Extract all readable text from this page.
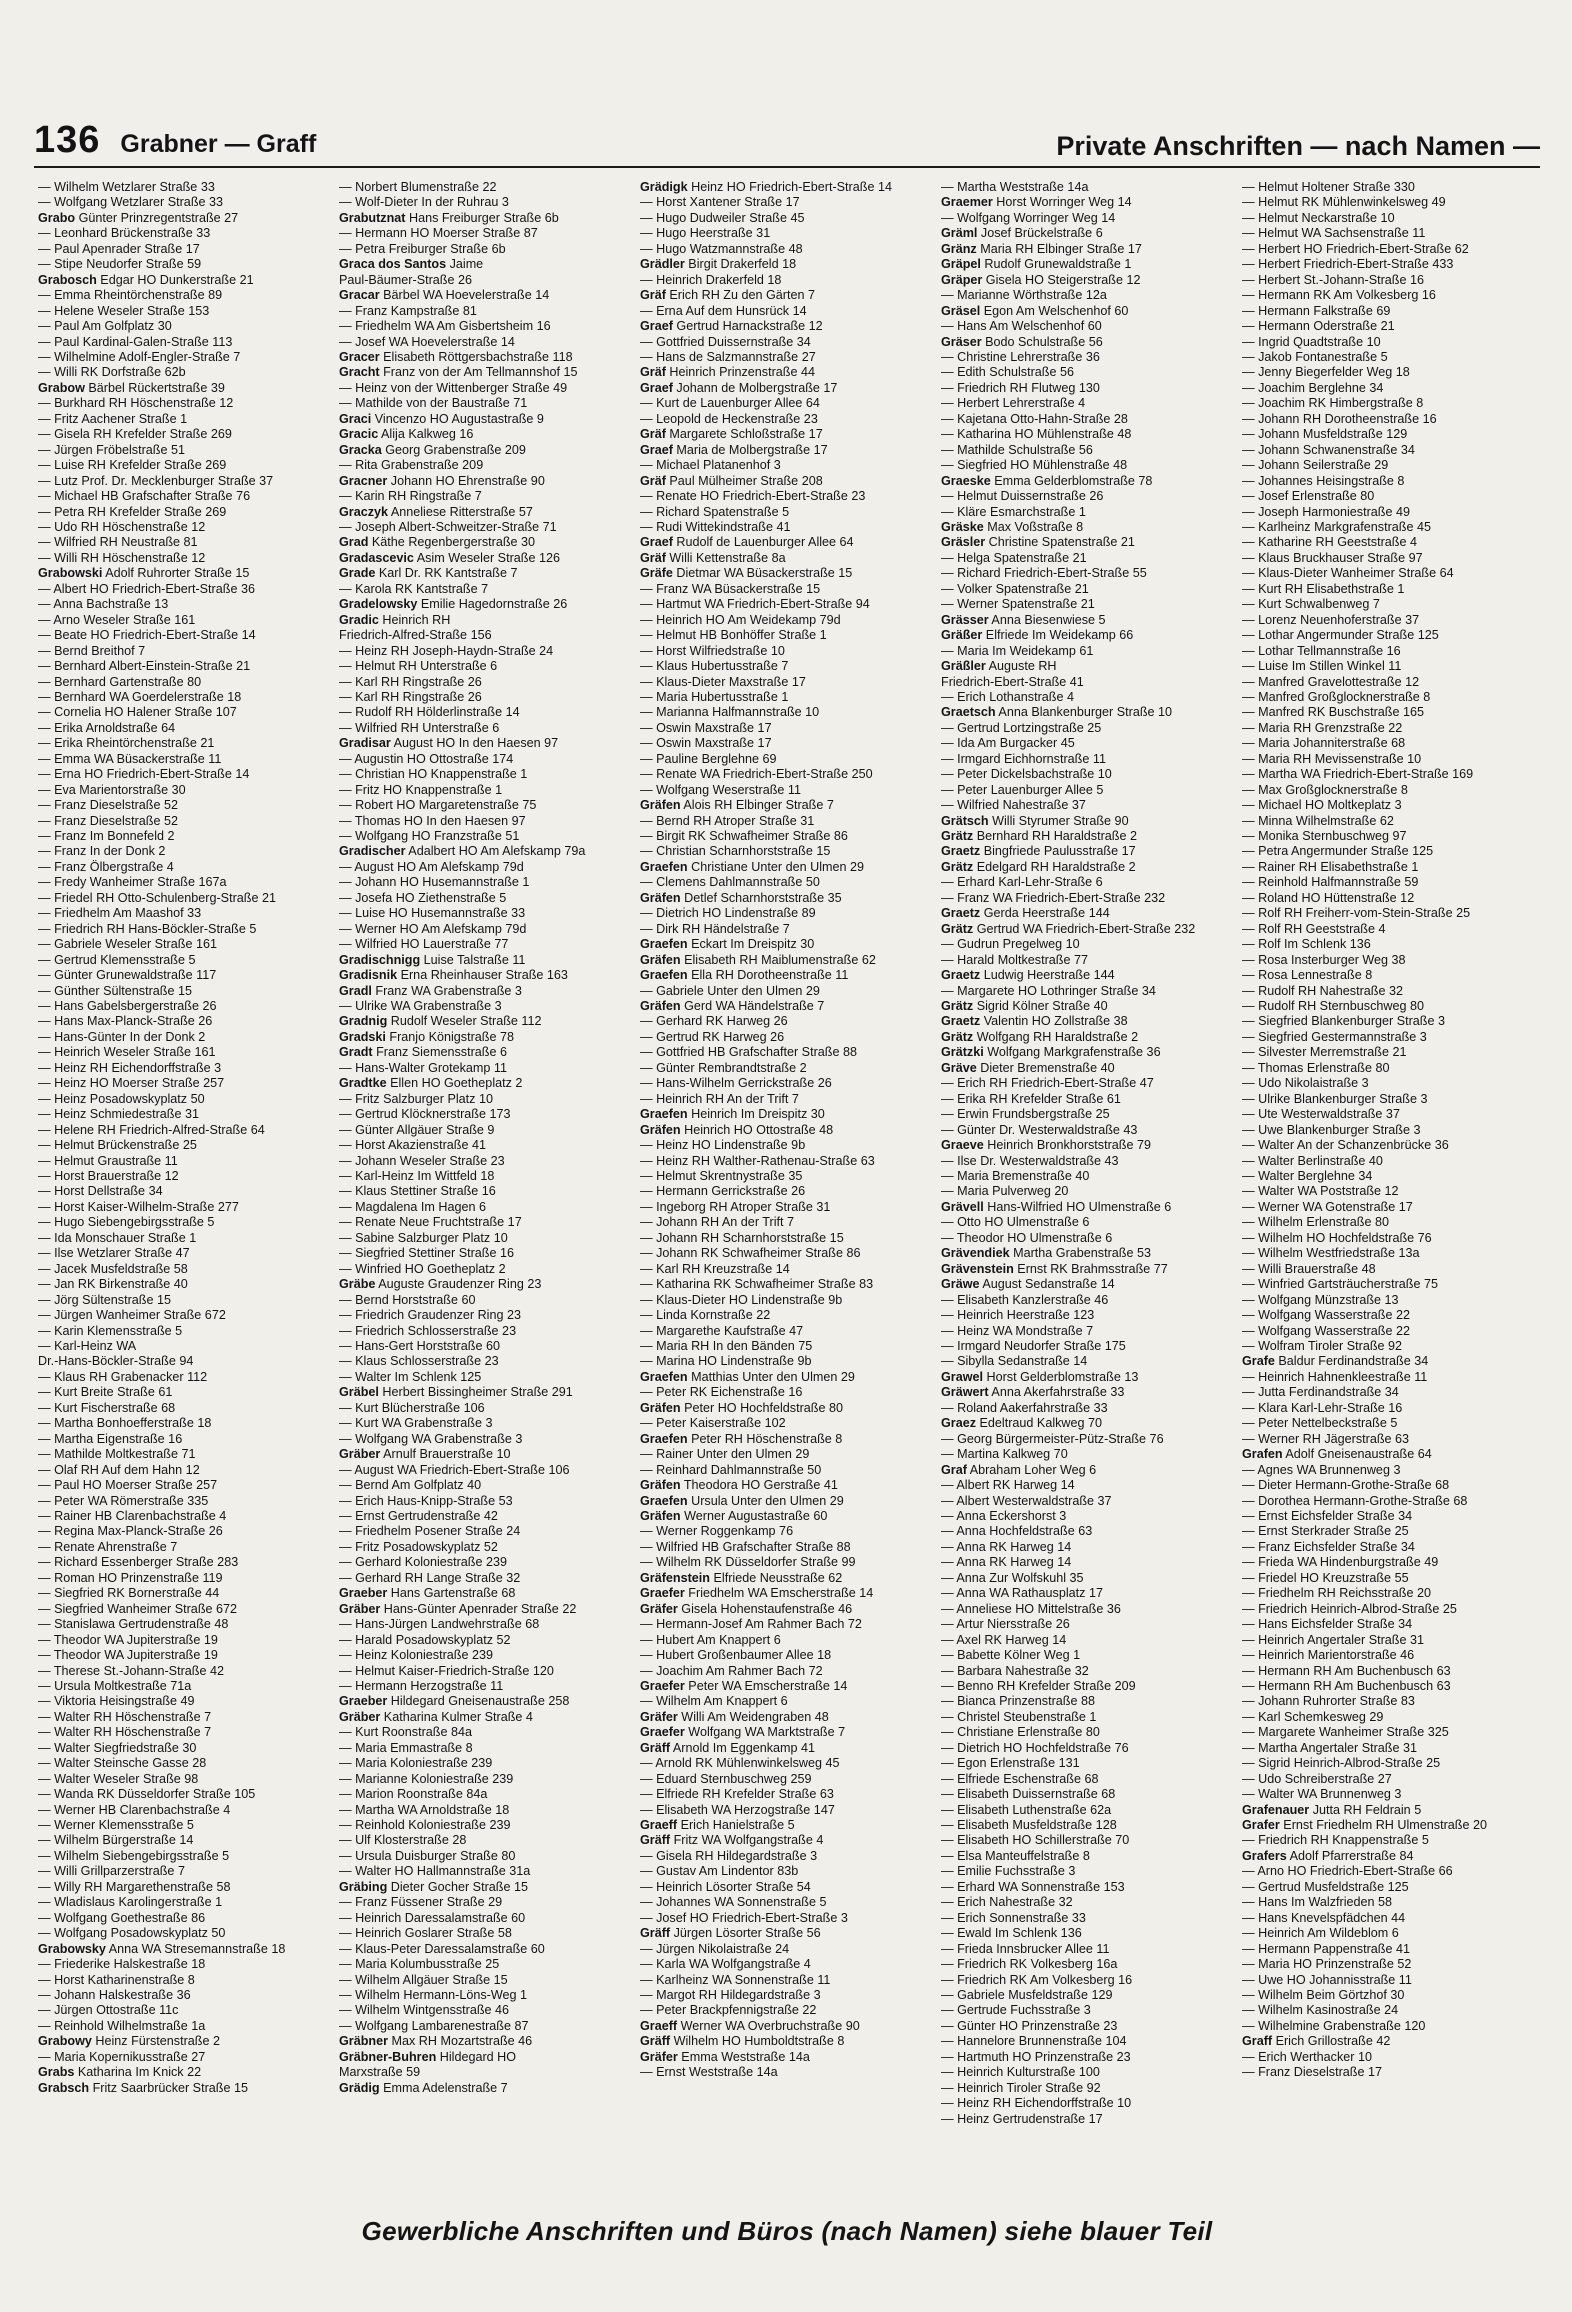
136 Grabner — Graff	Private Anschriften — nach Namen —
— Wilhelm Wetzlarer Straße 33
— Wolfgang Wetzlarer Straße 33
Grabo Günter Prinzregentstraße 27
— Leonhard Brückenstraße 33
— Paul Apenrader Straße 17
— Stipe Neudorfer Straße 59
Grabosch Edgar HO Dunkerstraße 21
— Emma Rheintörchenstraße 89
— Helene Weseler Straße 153
— Paul Am Golfplatz 30
— Paul Kardinal-Galen-Straße 113
— Wilhelmine Adolf-Engler-Straße 7
— Willi RK Dorfstraße 62b
Grabow Bärbel Rückertstraße 39
— Burkhard RH Höschenstraße 12
— Fritz Aachener Straße 1
— Gisela RH Krefelder Straße 269
— Jürgen Fröbelstraße 51
— Luise RH Krefelder Straße 269
— Lutz Prof. Dr. Mecklenburger Straße 37
— Michael HB Grafschafter Straße 76
— Petra RH Krefelder Straße 269
— Udo RH Höschenstraße 12
— Wilfried RH Neustraße 81
— Willi RH Höschenstraße 12
Grabowski Adolf Ruhrorter Straße 15
— Albert HO Friedrich-Ebert-Straße 36
— Anna Bachstraße 13
— Arno Weseler Straße 161
— Beate HO Friedrich-Ebert-Straße 14
— Bernd Breithof 7
— Bernhard Albert-Einstein-Straße 21
— Bernhard Gartenstraße 80
— Bernhard WA Goerdelerstraße 18
— Cornelia HO Halener Straße 107
— Erika Arnoldstraße 64
— Erika Rheintörchenstraße 21
— Emma WA Büsackerstraße 11
— Erna HO Friedrich-Ebert-Straße 14
— Eva Marientorstraße 30
— Franz Dieselstraße 52
— Franz Dieselstraße 52
— Franz Im Bonnefeld 2
— Franz In der Donk 2
— Franz Ölbergstraße 4
— Fredy Wanheimer Straße 167a
— Friedel RH Otto-Schulenberg-Straße 21
— Friedhelm Am Maashof 33
— Friedrich RH Hans-Böckler-Straße 5
— Gabriele Weseler Straße 161
— Gertrud Klemensstraße 5
— Günter Grunewaldstraße 117
— Günther Sültenstraße 15
— Hans Gabelsbergerstraße 26
— Hans Max-Planck-Straße 26
— Hans-Günter In der Donk 2
— Heinrich Weseler Straße 161
— Heinz RH Eichendorffstraße 3
— Heinz HO Moerser Straße 257
— Heinz Posadowskyplatz 50
— Heinz Schmiedestraße 31
— Helene RH Friedrich-Alfred-Straße 64
— Helmut Brückenstraße 25
— Helmut Graustraße 11
— Horst Brauerstraße 12
— Horst Dellstraße 34
— Horst Kaiser-Wilhelm-Straße 277
— Hugo Siebengebirgsstraße 5
— Ida Monschauer Straße 1
— Ilse Wetzlarer Straße 47
— Jacek Musfeldstraße 58
— Jan RK Birkenstraße 40
— Jörg Sültenstraße 15
— Jürgen Wanheimer Straße 672
— Karin Klemensstraße 5
— Karl-Heinz WA
Dr.-Hans-Böckler-Straße 94
— Klaus RH Grabenacker 112
— Kurt Breite Straße 61
— Kurt Fischerstraße 68
— Martha Bonhoefferstraße 18
— Martha Eigenstraße 16
— Mathilde Moltkestraße 71
— Olaf RH Auf dem Hahn 12
— Paul HO Moerser Straße 257
— Peter WA Römerstraße 335
— Rainer HB Clarenbachstraße 4
— Regina Max-Planck-Straße 26
— Renate Ahrenstraße 7
— Richard Essenberger Straße 283
— Roman HO Prinzenstraße 119
— Siegfried RK Bornerstraße 44
— Siegfried Wanheimer Straße 672
— Stanislawa Gertrudenstraße 48
— Theodor WA Jupiterstraße 19
— Theodor WA Jupiterstraße 19
— Therese St.-Johann-Straße 42
— Ursula Moltkestraße 71a
— Viktoria Heisingstraße 49
— Walter RH Höschenstraße 7
— Walter RH Höschenstraße 7
— Walter Siegfriedstraße 30
— Walter Steinsche Gasse 28
— Walter Weseler Straße 98
— Wanda RK Düsseldorfer Straße 105
— Werner HB Clarenbachstraße 4
— Werner Klemensstraße 5
— Wilhelm Bürgerstraße 14
— Wilhelm Siebengebirgsstraße 5
— Willi Grillparzerstraße 7
— Willy RH Margarethenstraße 58
— Wladislaus Karolingerstraße 1
— Wolfgang Goethestraße 86
— Wolfgang Posadowskyplatz 50
Grabowsky Anna WA Stresemannstraße 18
— Friederike Halskestraße 18
— Horst Katharinenstraße 8
— Johann Halskestraße 36
— Jürgen Ottostraße 11c
— Reinhold Wilhelmstraße 1a
Grabowy Heinz Fürstenstraße 2
— Maria Kopernikusstraße 27
Grabs Katharina Im Knick 22
Grabsch Fritz Saarbrücker Straße 15
— Norbert Blumenstraße 22
— Wolf-Dieter In der Ruhrau 3
Grabutznat Hans Freiburger Straße 6b
— Hermann HO Moerser Straße 87
— Petra Freiburger Straße 6b
Graca dos Santos Jaime
Paul-Bäumer-Straße 26
Gracar Bärbel WA Hoevelerstraße 14
— Franz Kampstraße 81
— Friedhelm WA Am Gisbertsheim 16
— Josef WA Hoevelerstraße 14
Gracer Elisabeth Röttgersbachstraße 118
Gracht Franz von der Am Tellmannshof 15
— Heinz von der Wittenberger Straße 49
— Mathilde von der Baustraße 71
Graci Vincenzo HO Augustastraße 9
Gracic Alija Kalkweg 16
Gracka Georg Grabenstraße 209
— Rita Grabenstraße 209
Gracner Johann HO Ehrenstraße 90
— Karin RH Ringstraße 7
Graczyk Anneliese Ritterstraße 57
— Joseph Albert-Schweitzer-Straße 71
Grad Käthe Regenbergerstraße 30
Gradascevic Asim Weseler Straße 126
Grade Karl Dr. RK Kantstraße 7
— Karola RK Kantstraße 7
Gradelowsky Emilie Hagedornstraße 26
Gradic Heinrich RH
Friedrich-Alfred-Straße 156
— Heinz RH Joseph-Haydn-Straße 24
— Helmut RH Unterstraße 6
— Karl RH Ringstraße 26
— Karl RH Ringstraße 26
— Rudolf RH Hölderlinstraße 14
— Wilfried RH Unterstraße 6
Gradisar August HO In den Haesen 97
— Augustin HO Ottostraße 174
— Christian HO Knappenstraße 1
— Fritz HO Knappenstraße 1
— Robert HO Margaretenstraße 75
— Thomas HO In den Haesen 97
— Wolfgang HO Franzstraße 51
Gradischer Adalbert HO Am Alefskamp 79a
— August HO Am Alefskamp 79d
— Johann HO Husemannstraße 1
— Josefa HO Ziethenstraße 5
— Luise HO Husemannstraße 33
— Werner HO Am Alefskamp 79d
— Wilfried HO Lauerstraße 77
Gradischnigg Luise Talstraße 11
Gradisnik Erna Rheinhauser Straße 163
Gradl Franz WA Grabenstraße 3
— Ulrike WA Grabenstraße 3
Gradnig Rudolf Weseler Straße 112
Gradski Franjo Königstraße 78
Gradt Franz Siemensstraße 6
— Hans-Walter Grotekamp 11
Gradtke Ellen HO Goetheplatz 2
— Fritz Salzburger Platz 10
— Gertrud Klöcknerstraße 173
— Günter Allgäuer Straße 9
— Horst Akazienstraße 41
— Johann Weseler Straße 23
— Karl-Heinz Im Wittfeld 18
— Klaus Stettiner Straße 16
— Magdalena Im Hagen 6
— Renate Neue Fruchtstraße 17
— Sabine Salzburger Platz 10
— Siegfried Stettiner Straße 16
— Winfried HO Goetheplatz 2
Gräbe Auguste Graudenzer Ring 23
— Bernd Horststraße 60
— Friedrich Graudenzer Ring 23
— Friedrich Schlosserstraße 23
— Hans-Gert Horststraße 60
— Klaus Schlosserstraße 23
— Walter Im Schlenk 125
Gräbel Herbert Bissingheimer Straße 291
— Kurt Blücherstraße 106
— Kurt WA Grabenstraße 3
— Wolfgang WA Grabenstraße 3
Gräber Arnulf Brauerstraße 10
— August WA Friedrich-Ebert-Straße 106
— Bernd Am Golfplatz 40
— Erich Haus-Knipp-Straße 53
— Ernst Gertrudenstraße 42
— Friedhelm Posener Straße 24
— Fritz Posadowskyplatz 52
— Gerhard Koloniestraße 239
— Gerhard RH Lange Straße 32
Graeber Hans Gartenstraße 68
Gräber Hans-Günter Apenrader Straße 22
— Hans-Jürgen Landwehrstraße 68
— Harald Posadowskyplatz 52
— Heinz Koloniestraße 239
— Helmut Kaiser-Friedrich-Straße 120
— Hermann Herzogstraße 11
Graeber Hildegard Gneisenaustraße 258
Gräber Katharina Kulmer Straße 4
— Kurt Roonstraße 84a
— Maria Emmastraße 8
— Maria Koloniestraße 239
— Marianne Koloniestraße 239
— Marion Roonstraße 84a
— Martha WA Arnoldstraße 18
— Reinhold Koloniestraße 239
— Ulf Klosterstraße 28
— Ursula Duisburger Straße 80
— Walter HO Hallmannstraße 31a
Gräbing Dieter Gocher Straße 15
— Franz Füssener Straße 29
— Heinrich Daressalamstraße 60
— Heinrich Goslarer Straße 58
— Klaus-Peter Daressalamstraße 60
— Maria Kolumbusstraße 25
— Wilhelm Allgäuer Straße 15
— Wilhelm Hermann-Löns-Weg 1
— Wilhelm Wintgensstraße 46
— Wolfgang Lambarenestraße 87
Gräbner Max RH Mozartstraße 46
Gräbner-Buhren Hildegard HO
Marxstraße 59
Grädig Emma Adelenstraße 7
Grädigk Heinz HO Friedrich-Ebert-Straße 14
— Horst Xantener Straße 17
— Hugo Dudweiler Straße 45
— Hugo Heerstraße 31
— Hugo Watzmannstraße 48
Grädler Birgit Drakerfeld 18
— Heinrich Drakerfeld 18
Gräf Erich RH Zu den Gärten 7
— Erna Auf dem Hunsrück 14
Graef Gertrud Harnackstraße 12
— Gottfried Duissernstraße 34
— Hans de Salzmannstraße 27
Gräf Heinrich Prinzenstraße 44
Graef Johann de Molbergstraße 17
— Kurt de Lauenburger Allee 64
— Leopold de Heckenstraße 23
Gräf Margarete Schloßstraße 17
Graef Maria de Molbergstraße 17
— Michael Platanenhof 3
Gräf Paul Mülheimer Straße 208
— Renate HO Friedrich-Ebert-Straße 23
— Richard Spatenstraße 5
— Rudi Wittekindstraße 41
Graef Rudolf de Lauenburger Allee 64
Gräf Willi Kettenstraße 8a
Gräfe Dietmar WA Büsackerstraße 15
— Franz WA Büsackerstraße 15
— Hartmut WA Friedrich-Ebert-Straße 94
— Heinrich HO Am Weidekamp 79d
— Helmut HB Bonhöffer Straße 1
— Horst Wilfriedstraße 10
— Klaus Hubertusstraße 7
— Klaus-Dieter Maxstraße 17
— Maria Hubertusstraße 1
— Marianna Halfmannstraße 10
— Oswin Maxstraße 17
— Oswin Maxstraße 17
— Pauline Berglehne 69
— Renate WA Friedrich-Ebert-Straße 250
— Wolfgang Weserstraße 11
Gräfen Alois RH Elbinger Straße 7
— Bernd RH Atroper Straße 31
— Birgit RK Schwafheimer Straße 86
— Christian Scharnhorststraße 15
Graefen Christiane Unter den Ulmen 29
— Clemens Dahlmannstraße 50
Gräfen Detlef Scharnhorststraße 35
— Dietrich HO Lindenstraße 89
— Dirk RH Händelstraße 7
Graefen Eckart Im Dreispitz 30
Gräfen Elisabeth RH Maiblumenstraße 62
Graefen Ella RH Dorotheenstraße 11
— Gabriele Unter den Ulmen 29
Gräfen Gerd WA Händelstraße 7
— Gerhard RK Harweg 26
— Gertrud RK Harweg 26
— Gottfried HB Grafschafter Straße 88
— Günter Rembrandtstraße 2
— Hans-Wilhelm Gerrickstraße 26
— Heinrich RH An der Trift 7
Graefen Heinrich Im Dreispitz 30
Gräfen Heinrich HO Ottostraße 48
— Heinz HO Lindenstraße 9b
— Heinz RH Walther-Rathenau-Straße 63
— Helmut Skrentnystraße 35
— Hermann Gerrickstraße 26
— Ingeborg RH Atroper Straße 31
— Johann RH An der Trift 7
— Johann RH Scharnhorststraße 15
— Johann RK Schwafheimer Straße 86
— Karl RH Kreuzstraße 14
— Katharina RK Schwafheimer Straße 83
— Klaus-Dieter HO Lindenstraße 9b
— Linda Kornstraße 22
— Margarethe Kaufstraße 47
— Maria RH In den Bänden 75
— Marina HO Lindenstraße 9b
Graefen Matthias Unter den Ulmen 29
— Peter RK Eichenstraße 16
Gräfen Peter HO Hochfeldstraße 80
— Peter Kaiserstraße 102
Graefen Peter RH Höschenstraße 8
— Rainer Unter den Ulmen 29
— Reinhard Dahlmannstraße 50
Gräfen Theodora HO Gerstraße 41
Graefen Ursula Unter den Ulmen 29
Gräfen Werner Augustastraße 60
— Werner Roggenkamp 76
— Wilfried HB Grafschafter Straße 88
— Wilhelm RK Düsseldorfer Straße 99
Gräfenstein Elfriede Neusstraße 62
Graefer Friedhelm WA Emscherstraße 14
Gräfer Gisela Hohenstaufenstraße 46
— Hermann-Josef Am Rahmer Bach 72
— Hubert Am Knappert 6
— Hubert Großenbaumer Allee 18
— Joachim Am Rahmer Bach 72
Graefer Peter WA Emscherstraße 14
— Wilhelm Am Knappert 6
Gräfer Willi Am Weidengraben 48
Graefer Wolfgang WA Marktstraße 7
Gräff Arnold Im Eggenkamp 41
— Arnold RK Mühlenwinkelsweg 45
— Eduard Sternbuschweg 259
— Elfriede RH Krefelder Straße 63
— Elisabeth WA Herzogstraße 147
Graeff Erich Hanielstraße 5
Gräff Fritz WA Wolfgangstraße 4
— Gisela RH Hildegardstraße 3
— Gustav Am Lindentor 83b
— Heinrich Lösorter Straße 54
— Johannes WA Sonnenstraße 5
— Josef HO Friedrich-Ebert-Straße 3
Gräff Jürgen Lösorter Straße 56
— Jürgen Nikolaistraße 24
— Karla WA Wolfgangstraße 4
— Karlheinz WA Sonnenstraße 11
— Margot RH Hildegardstraße 3
— Peter Brackpfennigstraße 22
Graeff Werner WA Overbruchstraße 90
Gräff Wilhelm HO Humboldtstraße 8
Gräfer Emma Weststraße 14a
— Ernst Weststraße 14a
— Martha Weststraße 14a
Graemer Horst Worringer Weg 14
— Wolfgang Worringer Weg 14
Gräml Josef Brückelstraße 6
Gränz Maria RH Elbinger Straße 17
Gräpel Rudolf Grunewaldstraße 1
Gräper Gisela HO Steigerstraße 12
— Marianne Wörthstraße 12a
Gräsel Egon Am Welschenhof 60
— Hans Am Welschenhof 60
Gräser Bodo Schulstraße 56
— Christine Lehrerstraße 36
— Edith Schulstraße 56
— Friedrich RH Flutweg 130
— Herbert Lehrerstraße 4
— Kajetana Otto-Hahn-Straße 28
— Katharina HO Mühlenstraße 48
— Mathilde Schulstraße 56
— Siegfried HO Mühlenstraße 48
Graeske Emma Gelderblomstraße 78
— Helmut Duissernstraße 26
— Kläre Esmarchstraße 1
Gräske Max Voßstraße 8
Gräsler Christine Spatenstraße 21
— Helga Spatenstraße 21
— Richard Friedrich-Ebert-Straße 55
— Volker Spatenstraße 21
— Werner Spatenstraße 21
Grässer Anna Biesenwiese 5
Gräßer Elfriede Im Weidekamp 66
— Maria Im Weidekamp 61
Gräßler Auguste RH
Friedrich-Ebert-Straße 41
— Erich Lothanstraße 4
Graetsch Anna Blankenburger Straße 10
— Gertrud Lortzingstraße 25
— Ida Am Burgacker 45
— Irmgard Eichhornstraße 11
— Peter Dickelsbachstraße 10
— Peter Lauenburger Allee 5
— Wilfried Nahestraße 37
Grätsch Willi Styrumer Straße 90
Grätz Bernhard RH Haraldstraße 2
Graetz Bingfriede Paulusstraße 17
Grätz Edelgard RH Haraldstraße 2
— Erhard Karl-Lehr-Straße 6
— Franz WA Friedrich-Ebert-Straße 232
Graetz Gerda Heerstraße 144
Grätz Gertrud WA Friedrich-Ebert-Straße 232
— Gudrun Pregelweg 10
— Harald Moltkestraße 77
Graetz Ludwig Heerstraße 144
— Margarete HO Lothringer Straße 34
Grätz Sigrid Kölner Straße 40
Graetz Valentin HO Zollstraße 38
Grätz Wolfgang RH Haraldstraße 2
Grätzki Wolfgang Markgrafenstraße 36
Gräve Dieter Bremenstraße 40
— Erich RH Friedrich-Ebert-Straße 47
— Erika RH Krefelder Straße 61
— Erwin Frundsbergstraße 25
— Günter Dr. Westerwaldstraße 43
Graeve Heinrich Bronkhorststraße 79
— Ilse Dr. Westerwaldstraße 43
— Maria Bremenstraße 40
— Maria Pulverweg 20
Grävell Hans-Wilfried HO Ulmenstraße 6
— Otto HO Ulmenstraße 6
— Theodor HO Ulmenstraße 6
Grävendiek Martha Grabenstraße 53
Grävenstein Ernst RK Brahmsstraße 77
Gräwe August Sedanstraße 14
— Elisabeth Kanzlerstraße 46
— Heinrich Heerstraße 123
— Heinz WA Mondstraße 7
— Irmgard Neudorfer Straße 175
— Sibylla Sedanstraße 14
Grawel Horst Gelderblomstraße 13
Gräwert Anna Akerfahrstraße 33
— Roland Aakerfahrstraße 33
Graez Edeltraud Kalkweg 70
— Georg Bürgermeister-Pütz-Straße 76
— Martina Kalkweg 70
Graf Abraham Loher Weg 6
— Albert RK Harweg 14
— Albert Westerwaldstraße 37
— Anna Eckershorst 3
— Anna Hochfeldstraße 63
— Anna RK Harweg 14
— Anna RK Harweg 14
— Anna Zur Wolfskuhl 35
— Anna WA Rathausplatz 17
— Anneliese HO Mittelstraße 36
— Artur Niersstraße 26
— Axel RK Harweg 14
— Babette Kölner Weg 1
— Barbara Nahestraße 32
— Benno RH Krefelder Straße 209
— Bianca Prinzenstraße 88
— Christel Steubenstraße 1
— Christiane Erlenstraße 80
— Dietrich HO Hochfeldstraße 76
— Egon Erlenstraße 131
— Elfriede Eschenstraße 68
— Elisabeth Duissernstraße 68
— Elisabeth Luthenstraße 62a
— Elisabeth Musfeldstraße 128
— Elisabeth HO Schillerstraße 70
— Elsa Manteuffelstraße 8
— Emilie Fuchsstraße 3
— Erhard WA Sonnenstraße 153
— Erich Nahestraße 32
— Erich Sonnenstraße 33
— Ewald Im Schlenk 136
— Frieda Innsbrucker Allee 11
— Friedrich RK Volkesberg 16a
— Friedrich RK Am Volkesberg 16
— Gabriele Musfeldstraße 129
— Gertrude Fuchsstraße 3
— Günter HO Prinzenstraße 23
— Hannelore Brunnenstraße 104
— Hartmuth HO Prinzenstraße 23
— Heinrich Kulturstraße 100
— Heinrich Tiroler Straße 92
— Heinz RH Eichendorffstraße 10
— Heinz Gertrudenstraße 17
— Helmut Holtener Straße 330
— Helmut RK Mühlenwinkelsweg 49
— Helmut Neckarstraße 10
— Helmut WA Sachsenstraße 11
— Herbert HO Friedrich-Ebert-Straße 62
— Herbert Friedrich-Ebert-Straße 433
— Herbert St.-Johann-Straße 16
— Hermann RK Am Volkesberg 16
— Hermann Falkstraße 69
— Hermann Oderstraße 21
— Ingrid Quadtstraße 10
— Jakob Fontanestraße 5
— Jenny Biegerfelder Weg 18
— Joachim Berglehne 34
— Joachim RK Himbergstraße 8
— Johann RH Dorotheenstraße 16
— Johann Musfeldstraße 129
— Johann Schwanenstraße 34
— Johann Seilerstraße 29
— Johannes Heisingstraße 8
— Josef Erlenstraße 80
— Joseph Harmoniestraße 49
— Karlheinz Markgrafenstraße 45
— Katharine RH Geeststraße 4
— Klaus Bruckhauser Straße 97
— Klaus-Dieter Wanheimer Straße 64
— Kurt RH Elisabethstraße 1
— Kurt Schwalbenweg 7
— Lorenz Neuenhoferstraße 37
— Lothar Angermunder Straße 125
— Lothar Tellmannstraße 16
— Luise Im Stillen Winkel 11
— Manfred Gravelottestraße 12
— Manfred Großglocknerstraße 8
— Manfred RK Buschstraße 165
— Maria RH Grenzstraße 22
— Maria Johanniterstraße 68
— Maria RH Mevissenstraße 10
— Martha WA Friedrich-Ebert-Straße 169
— Max Großglocknerstraße 8
— Michael HO Moltkeplatz 3
— Minna Wilhelmstraße 62
— Monika Sternbuschweg 97
— Petra Angermunder Straße 125
— Rainer RH Elisabethstraße 1
— Reinhold Halfmannstraße 59
— Roland HO Hüttenstraße 12
— Rolf RH Freiherr-vom-Stein-Straße 25
— Rolf RH Geeststraße 4
— Rolf Im Schlenk 136
— Rosa Insterburger Weg 38
— Rosa Lennestraße 8
— Rudolf RH Nahestraße 32
— Rudolf RH Sternbuschweg 80
— Siegfried Blankenburger Straße 3
— Siegfried Gestermannstraße 3
— Silvester Merremstraße 21
— Thomas Erlenstraße 80
— Udo Nikolaistraße 3
— Ulrike Blankenburger Straße 3
— Ute Westerwaldstraße 37
— Uwe Blankenburger Straße 3
— Walter An der Schanzenbrücke 36
— Walter Berlinstraße 40
— Walter Berglehne 34
— Walter WA Poststraße 12
— Werner WA Gotenstraße 17
— Wilhelm Erlenstraße 80
— Wilhelm HO Hochfeldstraße 76
— Wilhelm Westfriedstraße 13a
— Willi Brauerstraße 48
— Winfried Gartsträucherstraße 75
— Wolfgang Münzstraße 13
— Wolfgang Wasserstraße 22
— Wolfgang Wasserstraße 22
— Wolfram Tiroler Straße 92
Grafe Baldur Ferdinandstraße 34
— Heinrich Hahnenkleestraße 11
— Jutta Ferdinandstraße 34
— Klara Karl-Lehr-Straße 16
— Peter Nettelbeckstraße 5
— Werner RH Jägerstraße 63
Grafen Adolf Gneisenaustraße 64
— Agnes WA Brunnenweg 3
— Dieter Hermann-Grothe-Straße 68
— Dorothea Hermann-Grothe-Straße 68
— Ernst Eichsfelder Straße 34
— Ernst Sterkrader Straße 25
— Franz Eichsfelder Straße 34
— Frieda WA Hindenburgstraße 49
— Friedel HO Kreuzstraße 55
— Friedhelm RH Reichsstraße 20
— Friedrich Heinrich-Albrod-Straße 25
— Hans Eichsfelder Straße 34
— Heinrich Angertaler Straße 31
— Heinrich Marientorstraße 46
— Hermann RH Am Buchenbusch 63
— Hermann RH Am Buchenbusch 63
— Johann Ruhrorter Straße 83
— Karl Schemkesweg 29
— Margarete Wanheimer Straße 325
— Martha Angertaler Straße 31
— Sigrid Heinrich-Albrod-Straße 25
— Udo Schreiberstraße 27
— Walter WA Brunnenweg 3
Grafenauer Jutta RH Feldrain 5
Grafer Ernst Friedhelm RH Ulmenstraße 20
— Friedrich RH Knappenstraße 5
Grafers Adolf Pfarrerstraße 84
— Arno HO Friedrich-Ebert-Straße 66
— Gertrud Musfeldstraße 125
— Hans Im Walzfrieden 58
— Hans Knevelspfädchen 44
— Heinrich Am Wildeblom 6
— Hermann Pappenstraße 41
— Maria HO Prinzenstraße 52
— Uwe HO Johannisstraße 11
— Wilhelm Beim Görtzhof 30
— Wilhelm Kasinostraße 24
— Wilhelmine Grabenstraße 120
Graff Erich Grillostraße 42
— Erich Werthacker 10
— Franz Dieselstraße 17
Gewerbliche Anschriften und Büros (nach Namen) siehe blauer Teil
